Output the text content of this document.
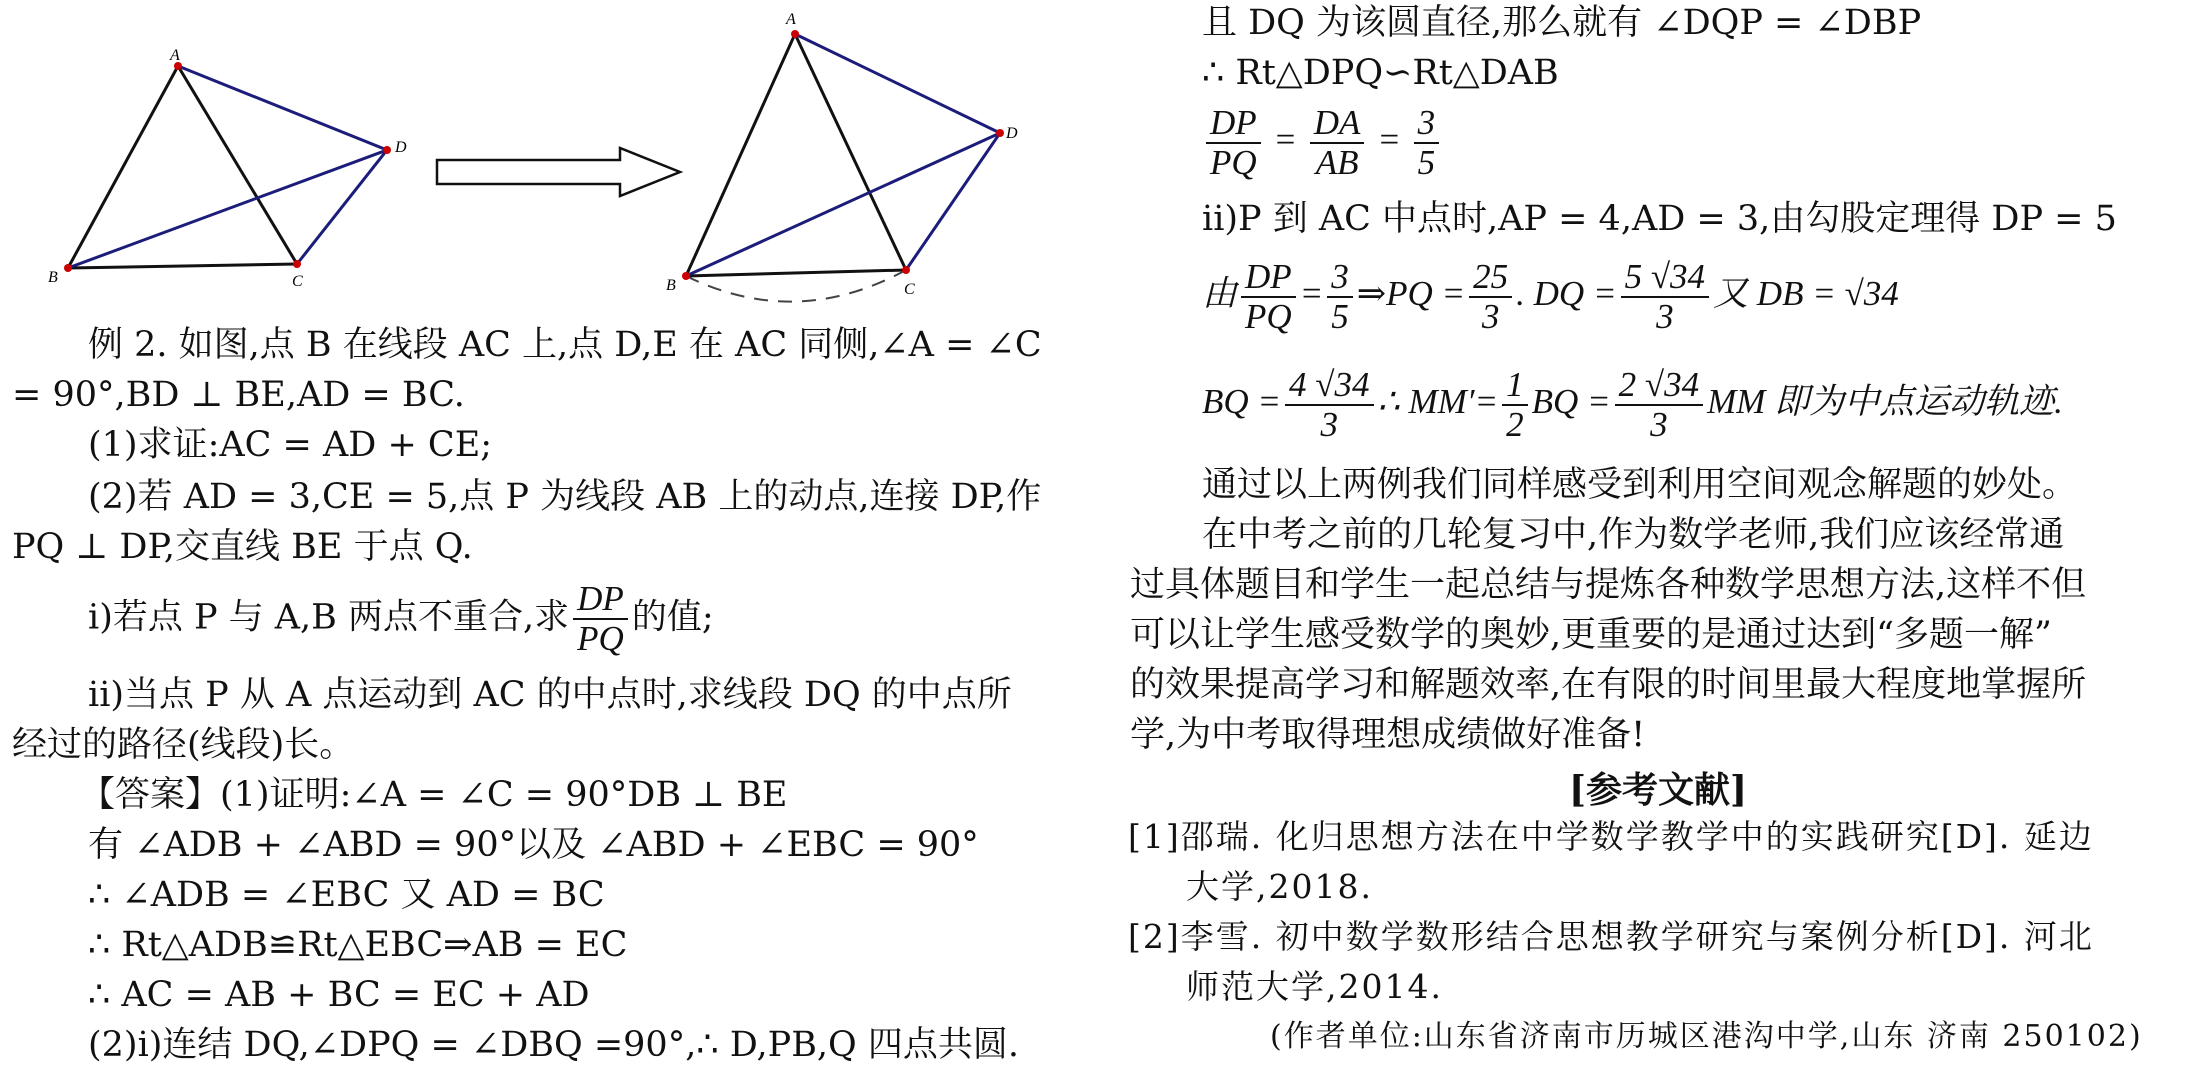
A
B	C
D
A
B	C
D
例 2. 如图,点 B 在线段 AC 上,点 D,E 在 AC 同侧,∠A = ∠C
= 90°,BD ⊥ BE,AD = BC.
(1)求证:AC = AD + CE;
(2)若 AD = 3,CE = 5,点 P 为线段 AB 上的动点,连接 DP,作
PQ ⊥ DP,交直线 BE 于点 Q.
i)若点 P 与 A,B 两点不重合,求 $\frac{DP}{PQ}$ 的值;
ii)当点 P 从 A 点运动到 AC 的中点时,求线段 DQ 的中点所
经过的路径(线段)长。
【答案】(1)证明:∠A = ∠C = 90°DB ⊥ BE
有 ∠ADB + ∠ABD = 90°以及 ∠ABD + ∠EBC = 90°
∴ ∠ADB = ∠EBC 又 AD = BC
∴ Rt△ADB≌Rt△EBC⇒AB = EC
∴ AC = AB + BC = EC + AD
(2)i)连结 DQ,∠DPQ = ∠DBQ =90°,∴ D,PB,Q 四点共圆.
且 DQ 为该圆直径,那么就有 ∠DQP = ∠DBP
∴ Rt△DPQ∽Rt△DAB
$\frac{DP}{PQ} = \frac{DA}{AB} = \frac{3}{5}$
ii)P 到 AC 中点时,AP = 4,AD = 3,由勾股定理得 DP = 5
由 $\frac{DP}{PQ} = \frac{3}{5}$ ⇒PQ = $\frac{25}{3}$ . DQ = $\frac{5 √34}{3}$ 又 DB = √34
BQ = $\frac{4 √34}{3}$ ∴ $MM'= \frac{1}{2}$ BQ = $\frac{2 √34}{3}$ MM 即为中点运动轨迹.
通过以上两例我们同样感受到利用空间观念解题的妙处。
在中考之前的几轮复习中,作为数学老师,我们应该经常通
过具体题目和学生一起总结与提炼各种数学思想方法,这样不但
可以让学生感受数学的奥妙,更重要的是通过达到“多题一解”
的效果提高学习和解题效率,在有限的时间里最大程度地掌握所
学,为中考取得理想成绩做好准备!
[参考文献]
[1]邵瑞. 化归思想方法在中学数学教学中的实践研究[D]. 延边
大学,2018.
[2]李雪. 初中数学数形结合思想教学研究与案例分析[D]. 河北
师范大学,2014.
(作者单位:山东省济南市历城区港沟中学,山东 济南 250102)
